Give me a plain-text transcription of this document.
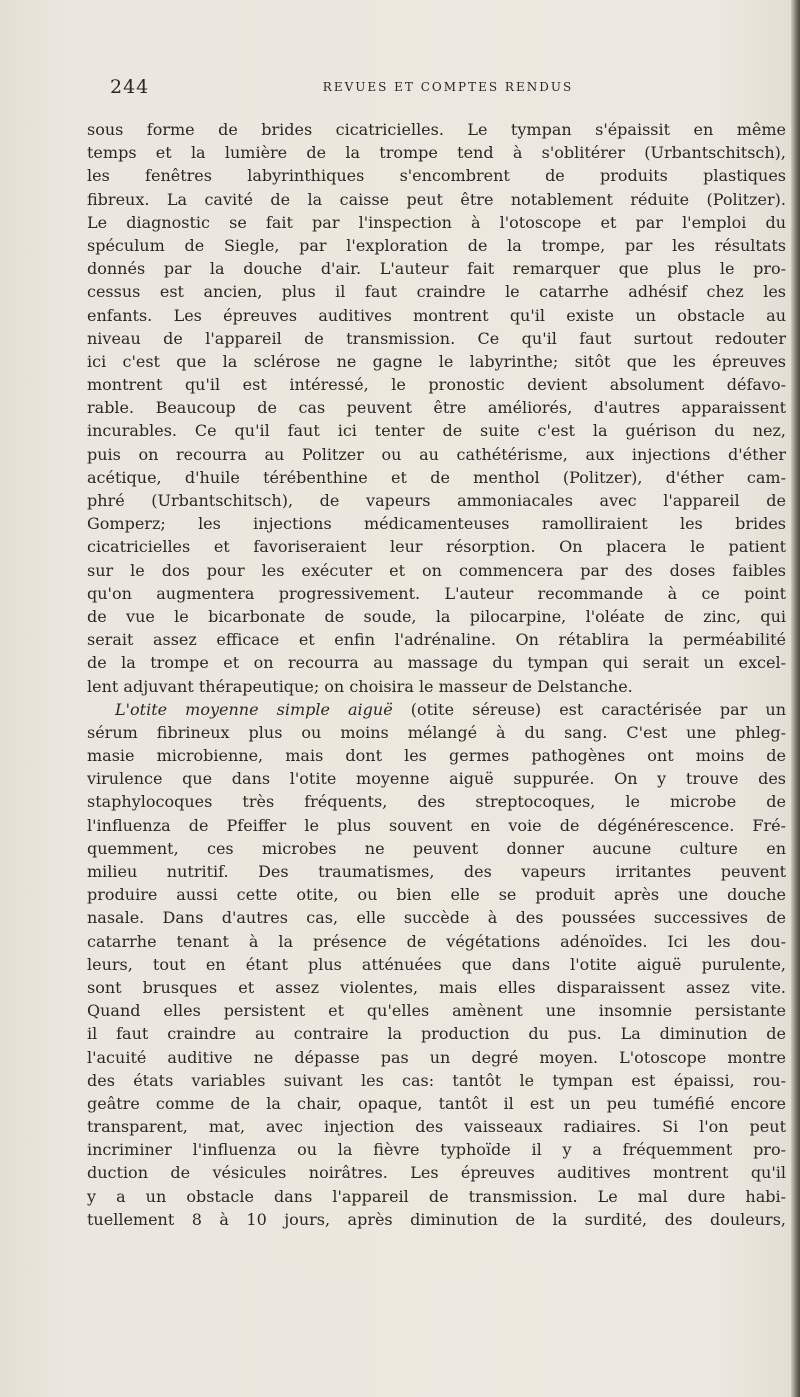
244	REVUES ET COMPTES RENDUS
sous forme de brides cicatricielles. Le tympan s'épaissit en même
temps et la lumière de la trompe tend à s'oblitérer (Urbantschitsch),
les fenêtres labyrinthiques s'encombrent de produits plastiques
fibreux. La cavité de la caisse peut être notablement réduite (Politzer).
Le diagnostic se fait par l'inspection à l'otoscope et par l'emploi du
spéculum de Siegle, par l'exploration de la trompe, par les résultats
donnés par la douche d'air. L'auteur fait remarquer que plus le pro-
cessus est ancien, plus il faut craindre le catarrhe adhésif chez les
enfants. Les épreuves auditives montrent qu'il existe un obstacle au
niveau de l'appareil de transmission. Ce qu'il faut surtout redouter
ici c'est que la sclérose ne gagne le labyrinthe; sitôt que les épreuves
montrent qu'il est intéressé, le pronostic devient absolument défavo-
rable. Beaucoup de cas peuvent être améliorés, d'autres apparaissent
incurables. Ce qu'il faut ici tenter de suite c'est la guérison du nez,
puis on recourra au Politzer ou au cathétérisme, aux injections d'éther
acétique, d'huile térébenthine et de menthol (Politzer), d'éther cam-
phré (Urbantschitsch), de vapeurs ammoniacales avec l'appareil de
Gomperz; les injections médicamenteuses ramolliraient les brides
cicatricielles et favoriseraient leur résorption. On placera le patient
sur le dos pour les exécuter et on commencera par des doses faibles
qu'on augmentera progressivement. L'auteur recommande à ce point
de vue le bicarbonate de soude, la pilocarpine, l'oléate de zinc, qui
serait assez efficace et enfin l'adrénaline. On rétablira la perméabilité
de la trompe et on recourra au massage du tympan qui serait un excel-
lent adjuvant thérapeutique; on choisira le masseur de Delstanche.
L'otite moyenne simple aiguë (otite séreuse) est caractérisée par un
sérum fibrineux plus ou moins mélangé à du sang. C'est une phleg-
masie microbienne, mais dont les germes pathogènes ont moins de
virulence que dans l'otite moyenne aiguë suppurée. On y trouve des
staphylocoques très fréquents, des streptocoques, le microbe de
l'influenza de Pfeiffer le plus souvent en voie de dégénérescence. Fré-
quemment, ces microbes ne peuvent donner aucune culture en
milieu nutritif. Des traumatismes, des vapeurs irritantes peuvent
produire aussi cette otite, ou bien elle se produit après une douche
nasale. Dans d'autres cas, elle succède à des poussées successives de
catarrhe tenant à la présence de végétations adénoïdes. Ici les dou-
leurs, tout en étant plus atténuées que dans l'otite aiguë purulente,
sont brusques et assez violentes, mais elles disparaissent assez vite.
Quand elles persistent et qu'elles amènent une insomnie persistante
il faut craindre au contraire la production du pus. La diminution de
l'acuité auditive ne dépasse pas un degré moyen. L'otoscope montre
des états variables suivant les cas: tantôt le tympan est épaissi, rou-
geâtre comme de la chair, opaque, tantôt il est un peu tuméfié encore
transparent, mat, avec injection des vaisseaux radiaires. Si l'on peut
incriminer l'influenza ou la fièvre typhoïde il y a fréquemment pro-
duction de vésicules noirâtres. Les épreuves auditives montrent qu'il
y a un obstacle dans l'appareil de transmission. Le mal dure habi-
tuellement 8 à 10 jours, après diminution de la surdité, des douleurs,
